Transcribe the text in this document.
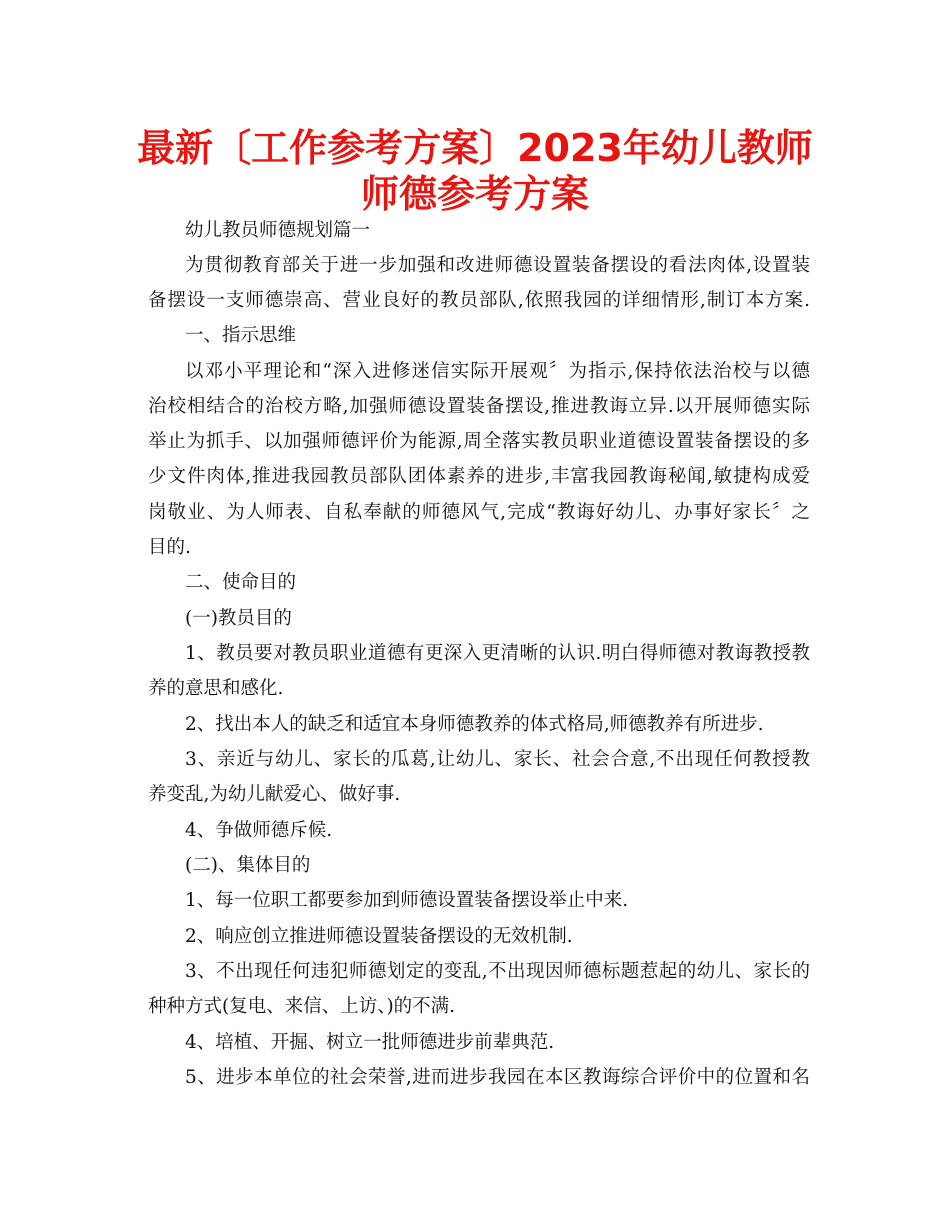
最新〔工作参考方案〕2023年幼儿教师
师德参考方案
幼儿教员师德规划篇一
为贯彻教育部关于进一步加强和改进师德设置装备摆设的看法肉体,设置装
备摆设一支师德崇高、营业良好的教员部队,依照我园的详细情形,制订本方案.
一、指示思维
以邓小平理论和“深入进修迷信实际开展观〞为指示,保持依法治校与以德
治校相结合的治校方略,加强师德设置装备摆设,推进教诲立异.以开展师德实际
举止为抓手、以加强师德评价为能源,周全落实教员职业道德设置装备摆设的多
少文件肉体,推进我园教员部队团体素养的进步,丰富我园教诲秘闻,敏捷构成爱
岗敬业、为人师表、自私奉献的师德风气,完成“教诲好幼儿、办事好家长〞之
目的.
二、使命目的
(一)教员目的
1、教员要对教员职业道德有更深入更清晰的认识.明白得师德对教诲教授教
养的意思和感化.
2、找出本人的缺乏和适宜本身师德教养的体式格局,师德教养有所进步.
3、亲近与幼儿、家长的瓜葛,让幼儿、家长、社会合意,不出现任何教授教
养变乱,为幼儿献爱心、做好事.
4、争做师德斥候.
(二)、集体目的
1、每一位职工都要参加到师德设置装备摆设举止中来.
2、响应创立推进师德设置装备摆设的无效机制.
3、不出现任何违犯师德划定的变乱,不出现因师德标题惹起的幼儿、家长的
种种方式(复电、来信、上访、)的不满.
4、培植、开掘、树立一批师德进步前辈典范.
5、进步本单位的社会荣誉,进而进步我园在本区教诲综合评价中的位置和名
